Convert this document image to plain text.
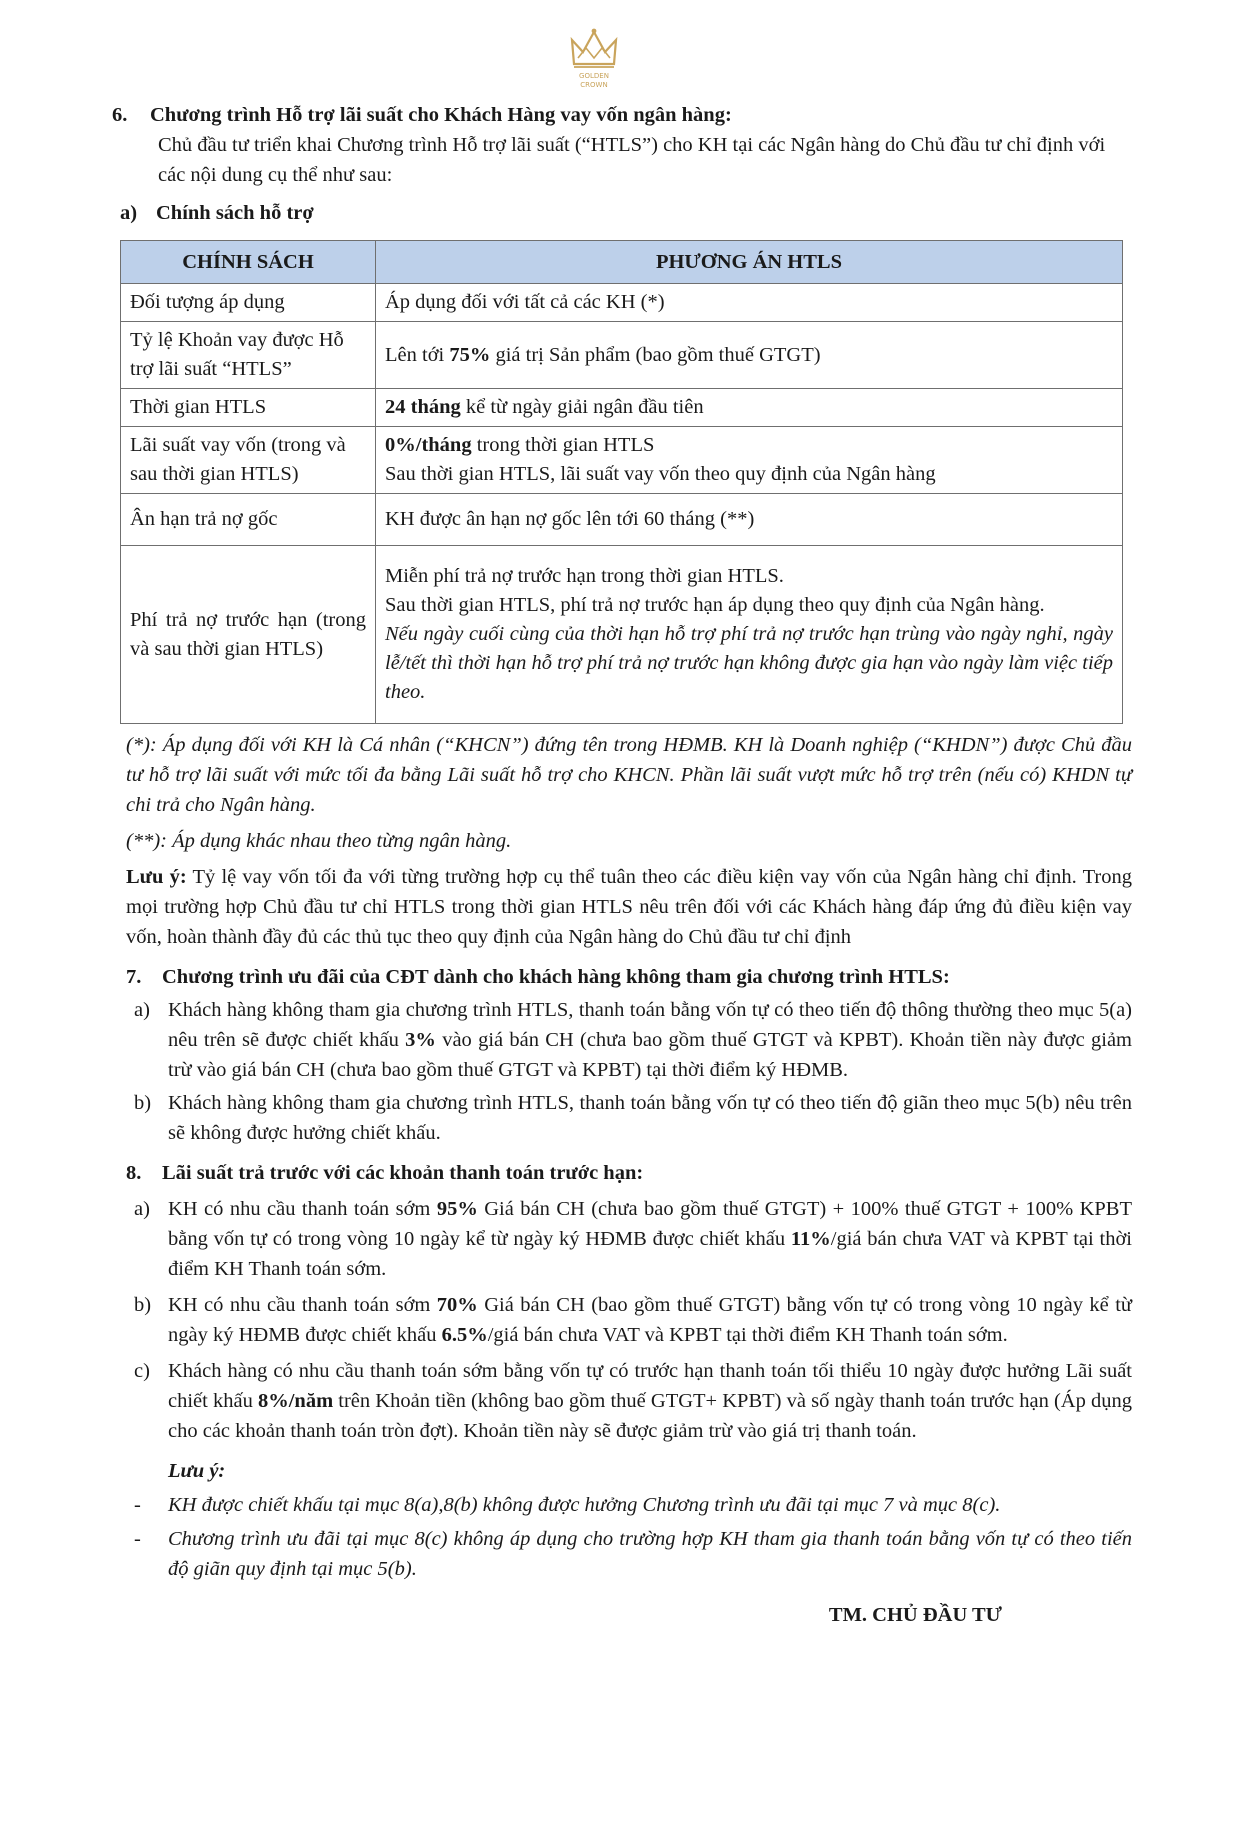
GOLDEN
CROWN

6. Chương trình Hỗ trợ lãi suất cho Khách Hàng vay vốn ngân hàng:

Chủ đầu tư triển khai Chương trình Hỗ trợ lãi suất (“HTLS”) cho KH tại các Ngân hàng do Chủ đầu tư chỉ định với các nội dung cụ thể như sau:

a) Chính sách hỗ trợ

CHÍNH SÁCH	PHƯƠNG ÁN HTLS
Đối tượng áp dụng	Áp dụng đối với tất cả các KH (*)
Tỷ lệ Khoản vay được Hỗ trợ lãi suất “HTLS”	Lên tới 75% giá trị Sản phẩm (bao gồm thuế GTGT)
Thời gian HTLS	24 tháng kể từ ngày giải ngân đầu tiên
Lãi suất vay vốn (trong và sau thời gian HTLS)	0%/tháng trong thời gian HTLS

Sau thời gian HTLS, lãi suất vay vốn theo quy định của Ngân hàng

Ân hạn trả nợ gốc	KH được ân hạn nợ gốc lên tới 60 tháng (**)
Phí trả nợ trước hạn (trong và sau thời gian HTLS)	Miễn phí trả nợ trước hạn trong thời gian HTLS.

Sau thời gian HTLS, phí trả nợ trước hạn áp dụng theo quy định của Ngân hàng.

Nếu ngày cuối cùng của thời hạn hỗ trợ phí trả nợ trước hạn trùng vào ngày nghỉ, ngày lễ/tết thì thời hạn hỗ trợ phí trả nợ trước hạn không được gia hạn vào ngày làm việc tiếp theo.

(*): Áp dụng đối với KH là Cá nhân (“KHCN”) đứng tên trong HĐMB. KH là Doanh nghiệp (“KHDN”) được Chủ đầu tư hỗ trợ lãi suất với mức tối đa bằng Lãi suất hỗ trợ cho KHCN. Phần lãi suất vượt mức hỗ trợ trên (nếu có) KHDN tự chi trả cho Ngân hàng.

(**): Áp dụng khác nhau theo từng ngân hàng.

Lưu ý: Tỷ lệ vay vốn tối đa với từng trường hợp cụ thể tuân theo các điều kiện vay vốn của Ngân hàng chỉ định. Trong mọi trường hợp Chủ đầu tư chỉ HTLS trong thời gian HTLS nêu trên đối với các Khách hàng đáp ứng đủ điều kiện vay vốn, hoàn thành đầy đủ các thủ tục theo quy định của Ngân hàng do Chủ đầu tư chỉ định

7. Chương trình ưu đãi của CĐT dành cho khách hàng không tham gia chương trình HTLS:

a) Khách hàng không tham gia chương trình HTLS, thanh toán bằng vốn tự có theo tiến độ thông thường theo mục 5(a) nêu trên sẽ được chiết khấu 3% vào giá bán CH (chưa bao gồm thuế GTGT và KPBT). Khoản tiền này được giảm trừ vào giá bán CH (chưa bao gồm thuế GTGT và KPBT) tại thời điểm ký HĐMB.
b) Khách hàng không tham gia chương trình HTLS, thanh toán bằng vốn tự có theo tiến độ giãn theo mục 5(b) nêu trên sẽ không được hưởng chiết khấu.

8. Lãi suất trả trước với các khoản thanh toán trước hạn:

a) KH có nhu cầu thanh toán sớm 95% Giá bán CH (chưa bao gồm thuế GTGT) + 100% thuế GTGT + 100% KPBT bằng vốn tự có trong vòng 10 ngày kể từ ngày ký HĐMB được chiết khấu 11%/giá bán chưa VAT và KPBT tại thời điểm KH Thanh toán sớm.
b) KH có nhu cầu thanh toán sớm 70% Giá bán CH (bao gồm thuế GTGT) bằng vốn tự có trong vòng 10 ngày kể từ ngày ký HĐMB được chiết khấu 6.5%/giá bán chưa VAT và KPBT tại thời điểm KH Thanh toán sớm.
c) Khách hàng có nhu cầu thanh toán sớm bằng vốn tự có trước hạn thanh toán tối thiểu 10 ngày được hưởng Lãi suất chiết khấu 8%/năm trên Khoản tiền (không bao gồm thuế GTGT+ KPBT) và số ngày thanh toán trước hạn (Áp dụng cho các khoản thanh toán tròn đợt). Khoản tiền này sẽ được giảm trừ vào giá trị thanh toán.

Lưu ý:

-	KH được chiết khấu tại mục 8(a),8(b) không được hưởng Chương trình ưu đãi tại mục 7 và mục 8(c).
-	Chương trình ưu đãi tại mục 8(c) không áp dụng cho trường hợp KH tham gia thanh toán bằng vốn tự có theo tiến độ giãn quy định tại mục 5(b).

TM. CHỦ ĐẦU TƯ
